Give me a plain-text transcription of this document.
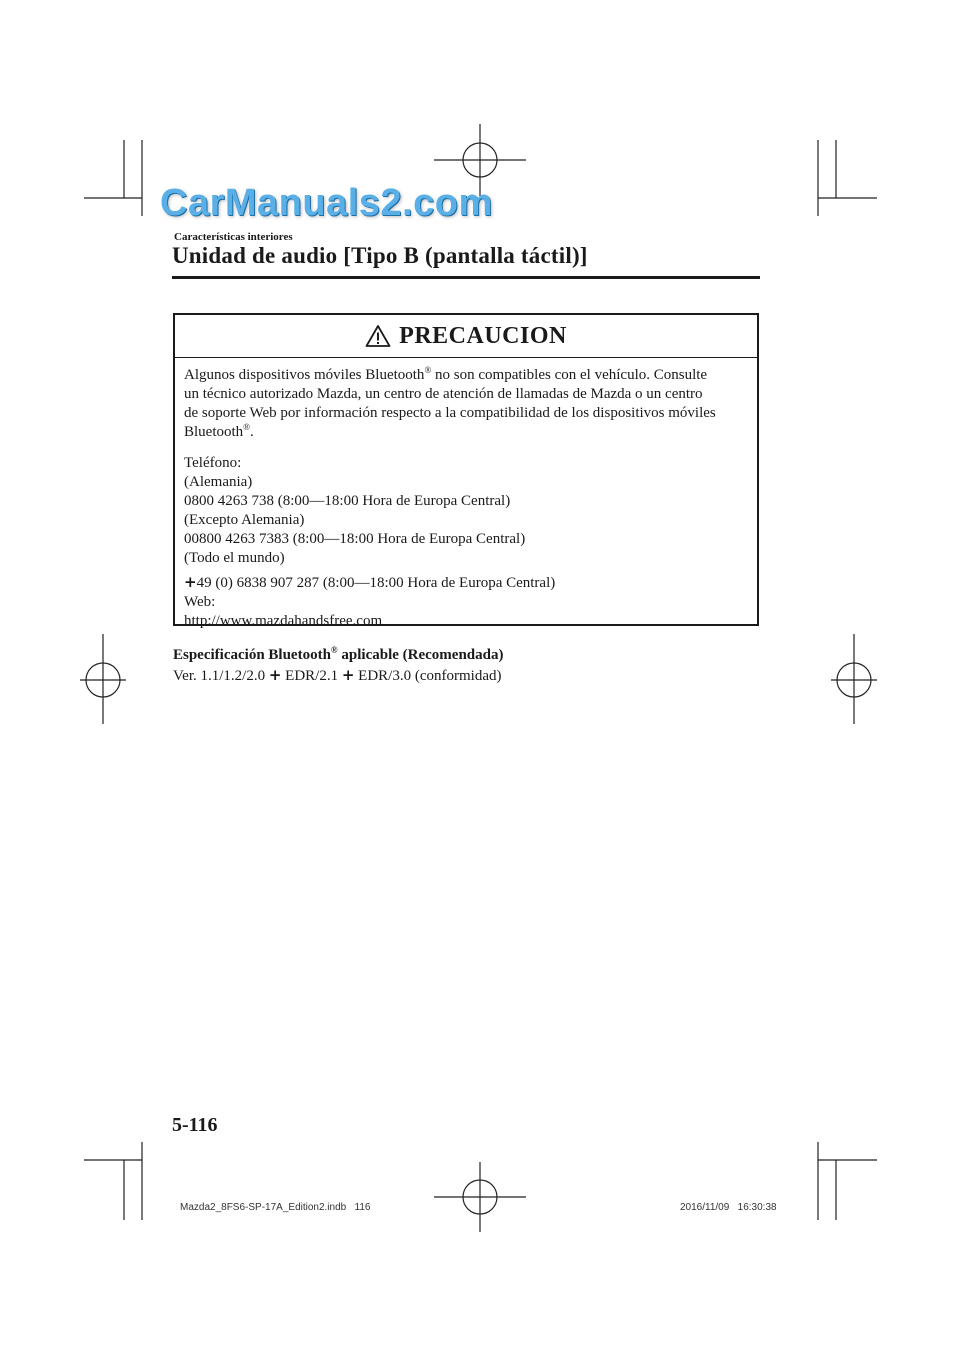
CarManuals2.com
Características interiores
Unidad de audio [Tipo B (pantalla táctil)]
PRECAUCION

Algunos dispositivos móviles Bluetooth® no son compatibles con el vehículo. Consulte

un técnico autorizado Mazda, un centro de atención de llamadas de Mazda o un centro

de soporte Web por información respecto a la compatibilidad de los dispositivos móviles

Bluetooth®.

Teléfono:

(Alemania)

0800 4263 738 (8:00—18:00 Hora de Europa Central)

(Excepto Alemania)

00800 4263 7383 (8:00—18:00 Hora de Europa Central)

(Todo el mundo)

+49 (0) 6838 907 287 (8:00—18:00 Hora de Europa Central)

Web:

http://www.mazdahandsfree.com

Especificación Bluetooth® aplicable (Recomendada)
Ver. 1.1/1.2/2.0 + EDR/2.1 + EDR/3.0 (conformidad)
5-116
Mazda2_8FS6-SP-17A_Edition2.indb   116	2016/11/09   16:30:38
